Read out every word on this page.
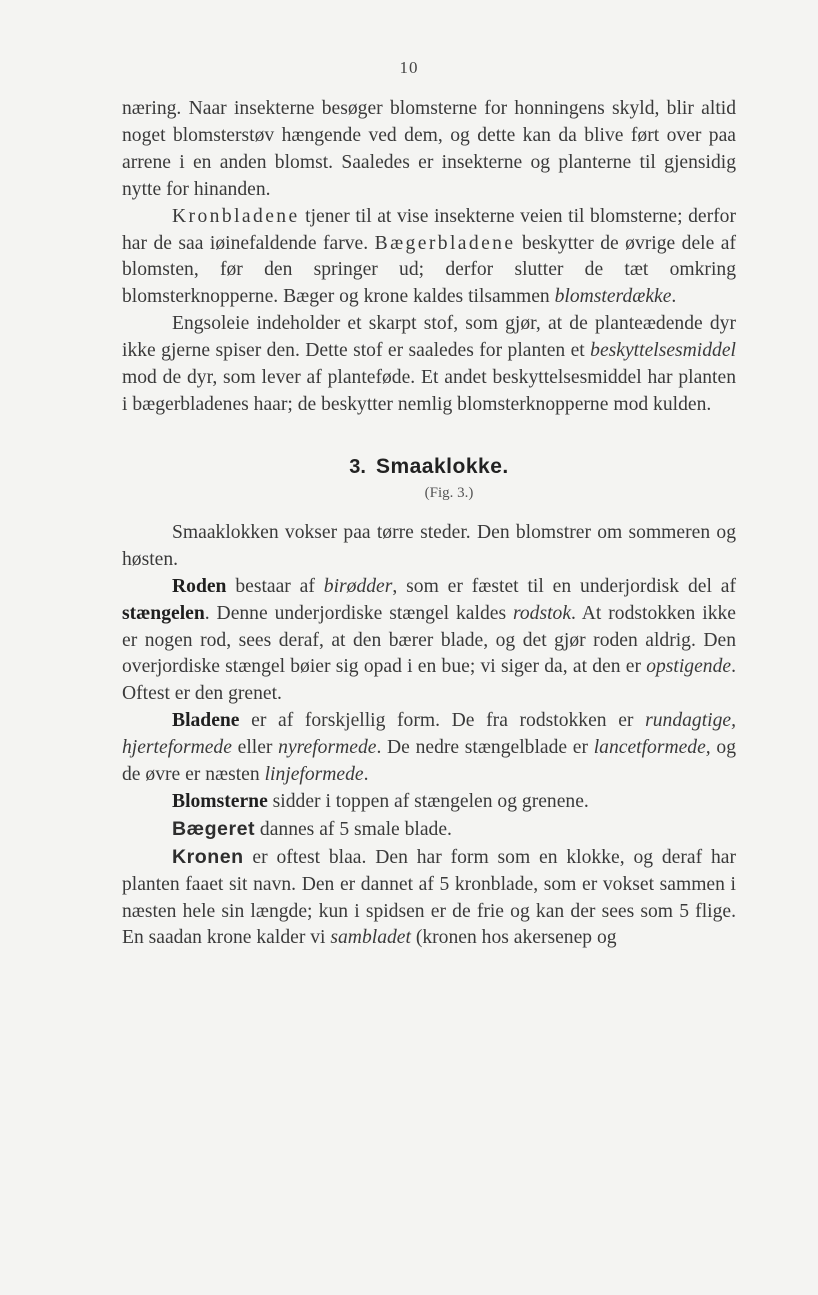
10

næring. Naar insekterne besøger blomsterne for honningens skyld, blir altid noget blomsterstøv hængende ved dem, og dette kan da blive ført over paa arrene i en anden blomst. Saaledes er insekterne og planterne til gjensidig nytte for hinanden.

Kronbladene tjener til at vise insekterne veien til blomsterne; derfor har de saa iøinefaldende farve. Bægerbladene beskytter de øvrige dele af blomsten, før den springer ud; derfor slutter de tæt omkring blomsterknopperne. Bæger og krone kaldes tilsammen blomsterdække.

Engsoleie indeholder et skarpt stof, som gjør, at de planteædende dyr ikke gjerne spiser den. Dette stof er saaledes for planten et beskyttelsesmiddel mod de dyr, som lever af planteføde. Et andet beskyttelsesmiddel har planten i bægerbladenes haar; de beskytter nemlig blomsterknopperne mod kulden.

3. Smaaklokke.
(Fig. 3.)

Smaaklokken vokser paa tørre steder. Den blomstrer om sommeren og høsten.

Roden bestaar af birødder, som er fæstet til en underjordisk del af stængelen. Denne underjordiske stængel kaldes rodstok. At rodstokken ikke er nogen rod, sees deraf, at den bærer blade, og det gjør roden aldrig. Den overjordiske stængel bøier sig opad i en bue; vi siger da, at den er opstigende. Oftest er den grenet.

Bladene er af forskjellig form. De fra rodstokken er rundagtige, hjerteformede eller nyreformede. De nedre stængelblade er lancetformede, og de øvre er næsten linjeformede.

Blomsterne sidder i toppen af stængelen og grenene.

Bægeret dannes af 5 smale blade.

Kronen er oftest blaa. Den har form som en klokke, og deraf har planten faaet sit navn. Den er dannet af 5 kronblade, som er vokset sammen i næsten hele sin længde; kun i spidsen er de frie og kan der sees som 5 flige. En saadan krone kalder vi sambladet (kronen hos akersenep og
